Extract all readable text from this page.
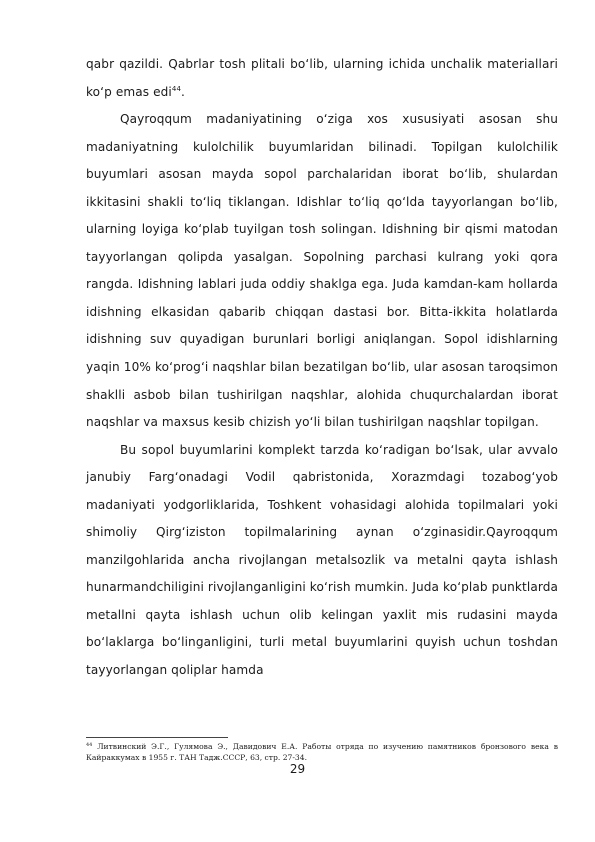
qabr qazildi. Qabrlar tosh plitali bo‘lib, ularning ichida unchalik materiallari ko‘p emas edi$^{44}$.

Qayroqqum madaniyatining o‘ziga xos xususiyati asosan shu madaniyatning kulolchilik buyumlaridan bilinadi. Topilgan kulolchilik buyumlari asosan mayda sopol parchalaridan iborat bo‘lib, shulardan ikkitasini shakli to‘liq tiklangan. Idishlar to‘liq qo‘lda tayyorlangan bo‘lib, ularning loyiga ko‘plab tuyilgan tosh solingan. Idishning bir qismi matodan tayyorlangan qolipda yasalgan. Sopolning parchasi kulrang yoki qora rangda. Idishning lablari juda oddiy shaklga ega. Juda kamdan-kam hollarda idishning elkasidan qabarib chiqqan dastasi bor. Bitta-ikkita holatlarda idishning suv quyadigan burunlari borligi aniqlangan. Sopol idishlarning yaqin 10% ko‘prog‘i naqshlar bilan bezatilgan bo‘lib, ular asosan taroqsimon shaklli asbob bilan tushirilgan naqshlar, alohida chuqurchalardan iborat naqshlar va maxsus kesib chizish yo‘li bilan tushirilgan naqshlar topilgan.

Bu sopol buyumlarini komplekt tarzda ko‘radigan bo‘lsak, ular avvalo janubiy Farg‘onadagi Vodil qabristonida, Xorazmdagi tozabog‘yob madaniyati yodgorliklarida, Toshkent vohasidagi alohida topilmalari yoki shimoliy Qirg‘iziston topilmalarining aynan o‘zginasidir.Qayroqqum manzilgohlarida ancha rivojlangan metalsozlik va metalni qayta ishlash hunarmandchiligini rivojlanganligini ko‘rish mumkin. Juda ko‘plab punktlarda metallni qayta ishlash uchun olib kelingan yaxlit mis rudasini mayda bo‘laklarga bo‘linganligini, turli metal buyumlarini quyish uchun toshdan tayyorlangan qoliplar hamda

$^{44}$ Литвинский Э.Г., Гулямова Э., Давидович Е.А. Работы отряда по изучению памятников бронзового века в Кайраккумах в 1955 г. ТАН Тадж.СССР, 63, стр. 27-34.
29
